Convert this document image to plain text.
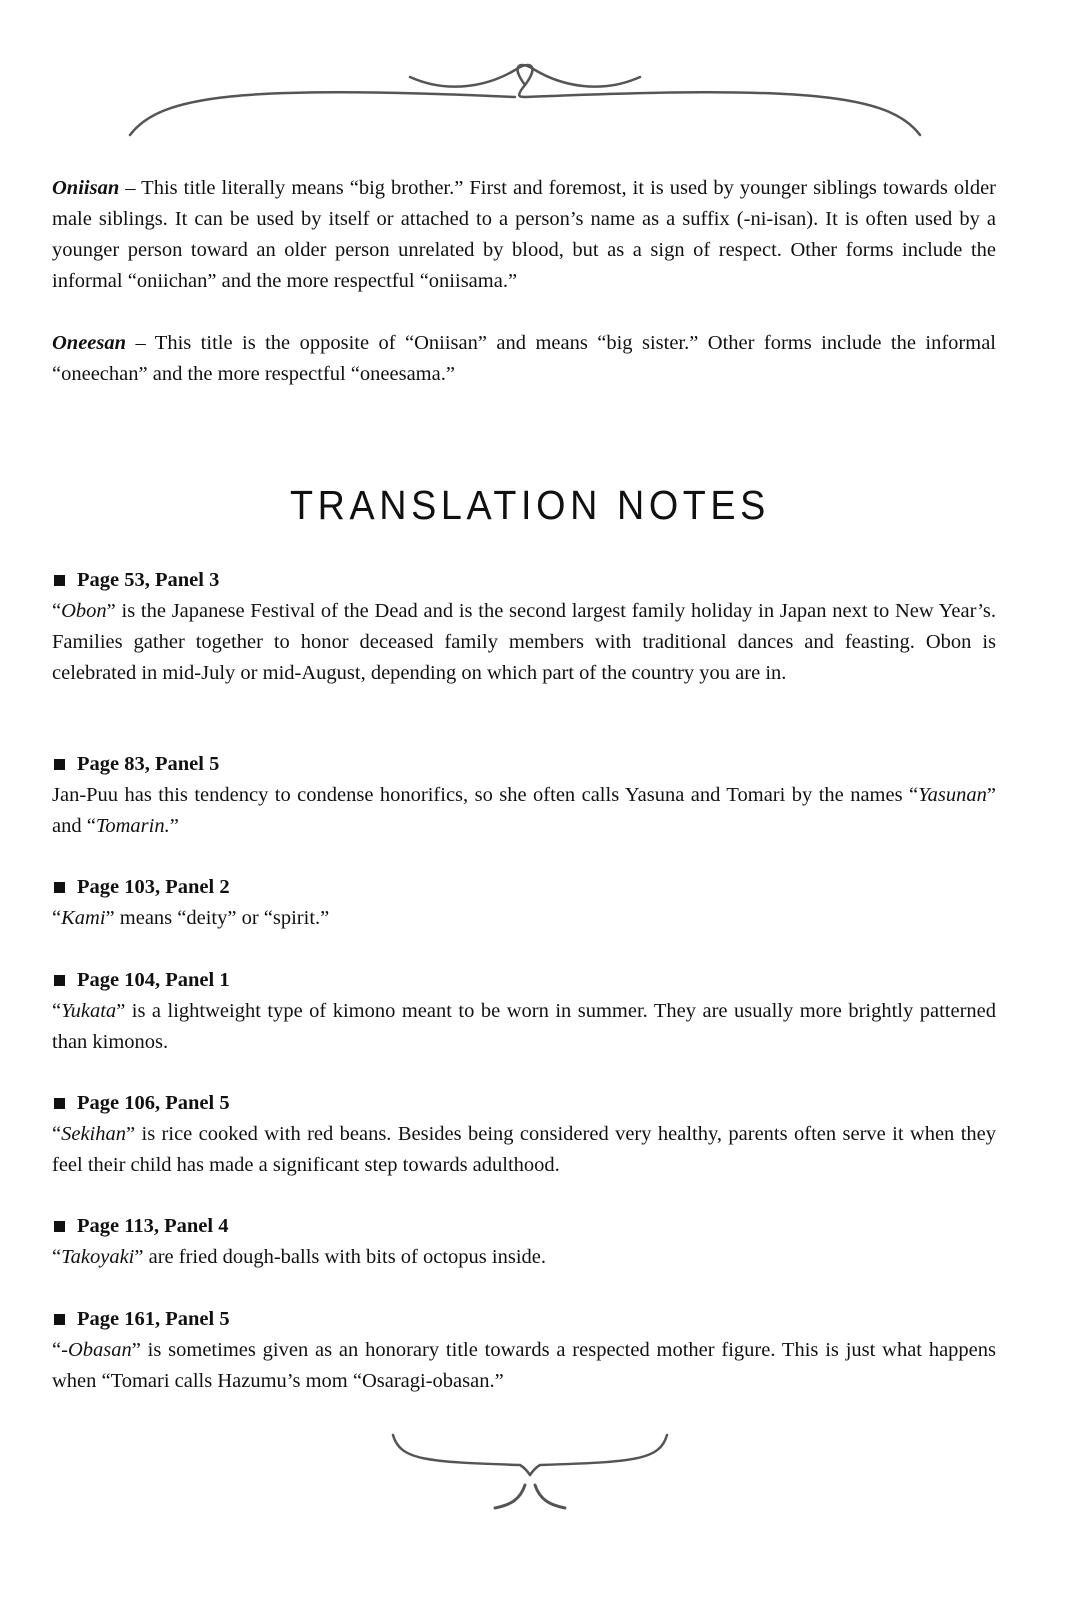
Oniisan – This title literally means “big brother.” First and foremost, it is used by younger siblings towards older male siblings. It can be used by itself or attached to a person’s name as a suffix (-ni-isan). It is often used by a younger person toward an older person unrelated by blood, but as a sign of respect. Other forms include the informal “oniichan” and the more respectful “oniisama.”
Oneesan – This title is the opposite of “Oniisan” and means “big sister.” Other forms include the informal “oneechan” and the more respectful “oneesama.”
TRANSLATION NOTES
Page 53, Panel 3
“Obon” is the Japanese Festival of the Dead and is the second largest family holiday in Japan next to New Year’s. Families gather together to honor deceased family members with traditional dances and feasting. Obon is celebrated in mid-July or mid-August, depending on which part of the country you are in.
Page 83, Panel 5
Jan-Puu has this tendency to condense honorifics, so she often calls Yasuna and Tomari by the names “Yasunan” and “Tomarin.”
Page 103, Panel 2
“Kami” means “deity” or “spirit.”
Page 104, Panel 1
“Yukata” is a lightweight type of kimono meant to be worn in summer. They are usually more brightly patterned than kimonos.
Page 106, Panel 5
“Sekihan” is rice cooked with red beans. Besides being considered very healthy, parents often serve it when they feel their child has made a significant step towards adulthood.
Page 113, Panel 4
“Takoyaki” are fried dough-balls with bits of octopus inside.
Page 161, Panel 5
“-Obasan” is sometimes given as an honorary title towards a respected mother figure. This is just what happens when “Tomari calls Hazumu’s mom “Osaragi-obasan.”
